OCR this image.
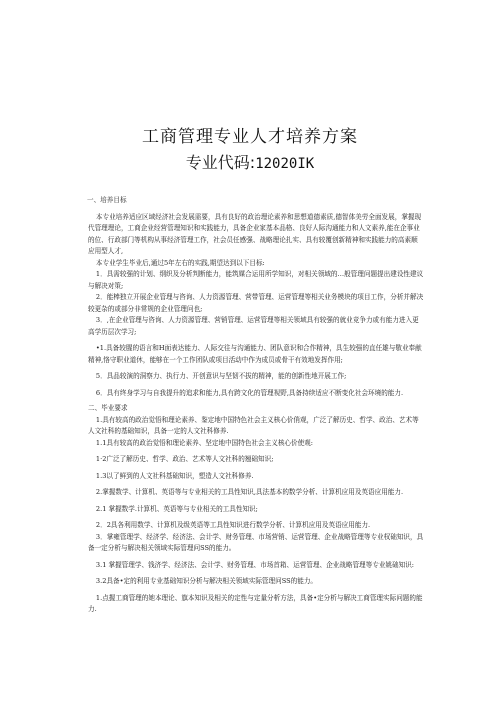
工商管理专业人才培养方案
专业代码:12020IK

一、培养目标

本专业培养适应区域经济社会发展需要，具有良好的政治理论素养和思想道德素质,德智体美劳全面发展，掌握现代管理理论，工商企业经营管理知识和实践能力，具备企业家基本品格、良好人际沟通能力和人文素养,能在企事业的位、行政部门等机构从事经济管理工作，社会员任感强、战略理论扎实、具有较覆创新精神和实践能力的高素顺应用型人才,

本专业学生毕业后,通过5年左右的实践,期望达到以下目标:

1．具需较强的计划、纲织及分析判断能力，能筑媒合运用所学知识，对相关领域的…般管理问题提出建设性建议与解决对策;

2．能棒独立开展企业管理与咨询、人力资源管理、营带管理、运营管理等相关业务模块的项目工作，分析并解决较更杂的或部分非常规的企业管理问也;

3．,在企业管理与咨询、人力资源管理、营销管理、运营管理等相关领域具有较强的就业竞争力或有能力进入更高学历层次学习;

•1.具备较腥的语言和H面表达能力、人际交往与沟通能力、团队意识和合作精神，具生较强的直任雄与敬业奉献精神,恪守职业道休，能够在一个工作团队或项目活动中作为成员或骨干有效地发挥作用;

5．具品较演的洞察力、执行力、开创意识与坚韧不拔的精神，能的创新性地开展工作;

6．具有终身学习与自我提升的追求和能力,具有跨文化的管理视野,具备持续适应不断变化社会环境的能力.

二、毕业要求

1.具有较高的政治觉悟和理论素养、鉴定地中国特色社会主义核心价俏观，广泛了解历史、哲学、政治、艺术等人文社科的基础知识，具备一定的人文社科修养.

1.1具有较高的政治觉悟和理论素养、坚定地中国特色社会主义核心价使观:

1·2广泛了解历史、哲学、政治、艺术等人文社科的翘础知识;

1.3以了鲜到的人文社科基础知识，塑造人文社科修养.

2.掌握数学、计算机、英语等与专业相关的工具性知识,具法基本的数学分析、计算机应用及英语应用能力.

2.1 掌握数学.计算机、英语等与专业相关的工具性知识;

2．2具各利用数学、计算机及级英语等工具性知识进行数学分析、计算机应用及英语应用能力.

3．掌雍管理学、经济学、经济法、会计学、财务管理、市场营销、运营管理、企业战略管理等专业权础知识，具备一定分析与解决相关领域实际管理问SS的能力。

3.1 掌握管理学、钱济学、经济法、会计学、财务管理、市场首箱、运营管理、企业战略管理等专业姚础知识:

3.2具备•定的利用专业基础知识分析与解决相关领域实际管理问SS的能力。

1.点握工商管理的她本理论、旗本知识及相关的定性与定量分析方法，具备•定分析与解决工商管理实际问题的能力.
